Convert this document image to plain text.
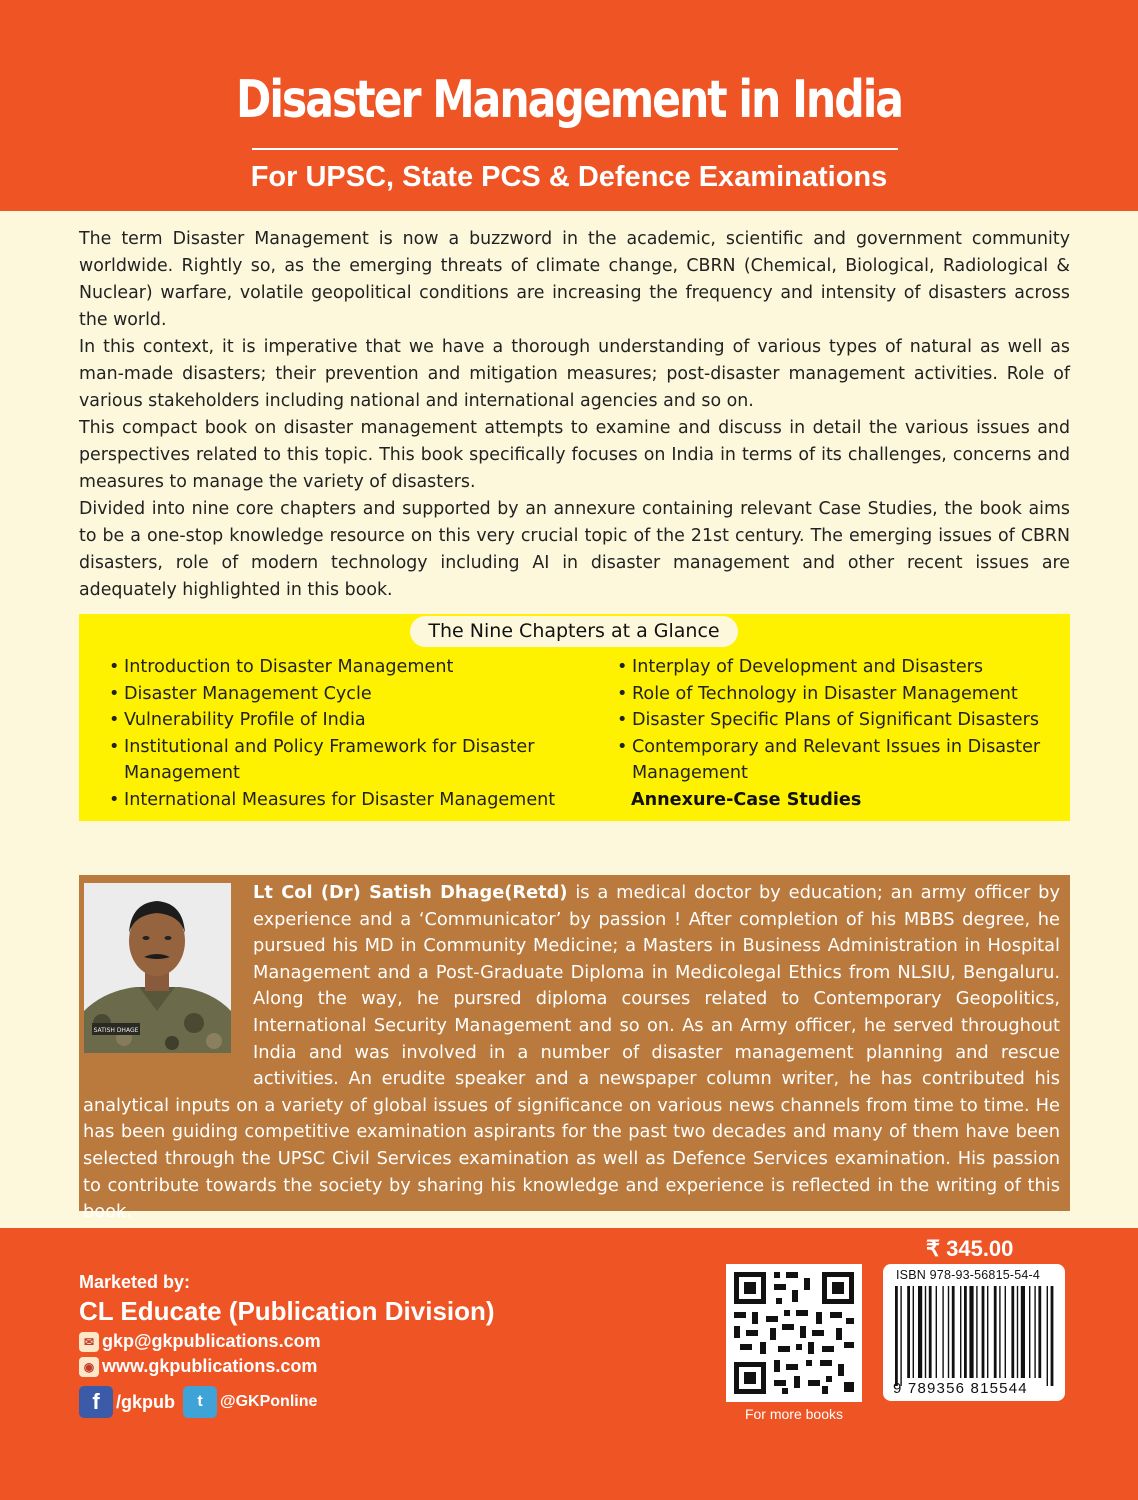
Disaster Management in India
For UPSC, State PCS & Defence Examinations

The term Disaster Management is now a buzzword in the academic, scientific and government community worldwide. Rightly so, as the emerging threats of climate change, CBRN (Chemical, Biological, Radiological & Nuclear) warfare, volatile geopolitical conditions are increasing the frequency and intensity of disasters across the world.

In this context, it is imperative that we have a thorough understanding of various types of natural as well as man-made disasters; their prevention and mitigation measures; post-disaster management activities. Role of various stakeholders including national and international agencies and so on.

This compact book on disaster management attempts to examine and discuss in detail the various issues and perspectives related to this topic. This book specifically focuses on India in terms of its challenges, concerns and measures to manage the variety of disasters.

Divided into nine core chapters and supported by an annexure containing relevant Case Studies, the book aims to be a one-stop knowledge resource on this very crucial topic of the 21st century. The emerging issues of CBRN disasters, role of modern technology including AI in disaster management and other recent issues are adequately highlighted in this book.

The Nine Chapters at a Glance
• Introduction to Disaster Management
• Disaster Management Cycle
• Vulnerability Profile of India
• Institutional and Policy Framework for Disaster Management
• International Measures for Disaster Management
• Interplay of Development and Disasters
• Role of Technology in Disaster Management
• Disaster Specific Plans of Significant Disasters
• Contemporary and Relevant Issues in Disaster Management
Annexure-Case Studies
SATISH DHAGE
Lt Col (Dr) Satish Dhage(Retd) is a medical doctor by education; an army officer by experience and a ‘Communicator’ by passion ! After completion of his MBBS degree, he pursued his MD in Community Medicine; a Masters in Business Administration in Hospital Management and a Post-Graduate Diploma in Medicolegal Ethics from NLSIU, Bengaluru. Along the way, he pursred diploma courses related to Contemporary Geopolitics, International Security Management and so on. As an Army officer, he served throughout India and was involved in a number of disaster management planning and rescue activities. An erudite speaker and a newspaper column writer, he has contributed his analytical inputs on a variety of global issues of significance on various news channels from time to time. He has been guiding competitive examination aspirants for the past two decades and many of them have been selected through the UPSC Civil Services examination as well as Defence Services examination. His passion to contribute towards the society by sharing his knowledge and experience is reflected in the writing of this book.
Marketed by:
CL Educate (Publication Division)
✉ gkp@gkpublications.com
◉ www.gkpublications.com
f /gkpub	t	@GKPonline
For more books
₹ 345.00
ISBN 978-93-56815-54-4
9 789356 815544
